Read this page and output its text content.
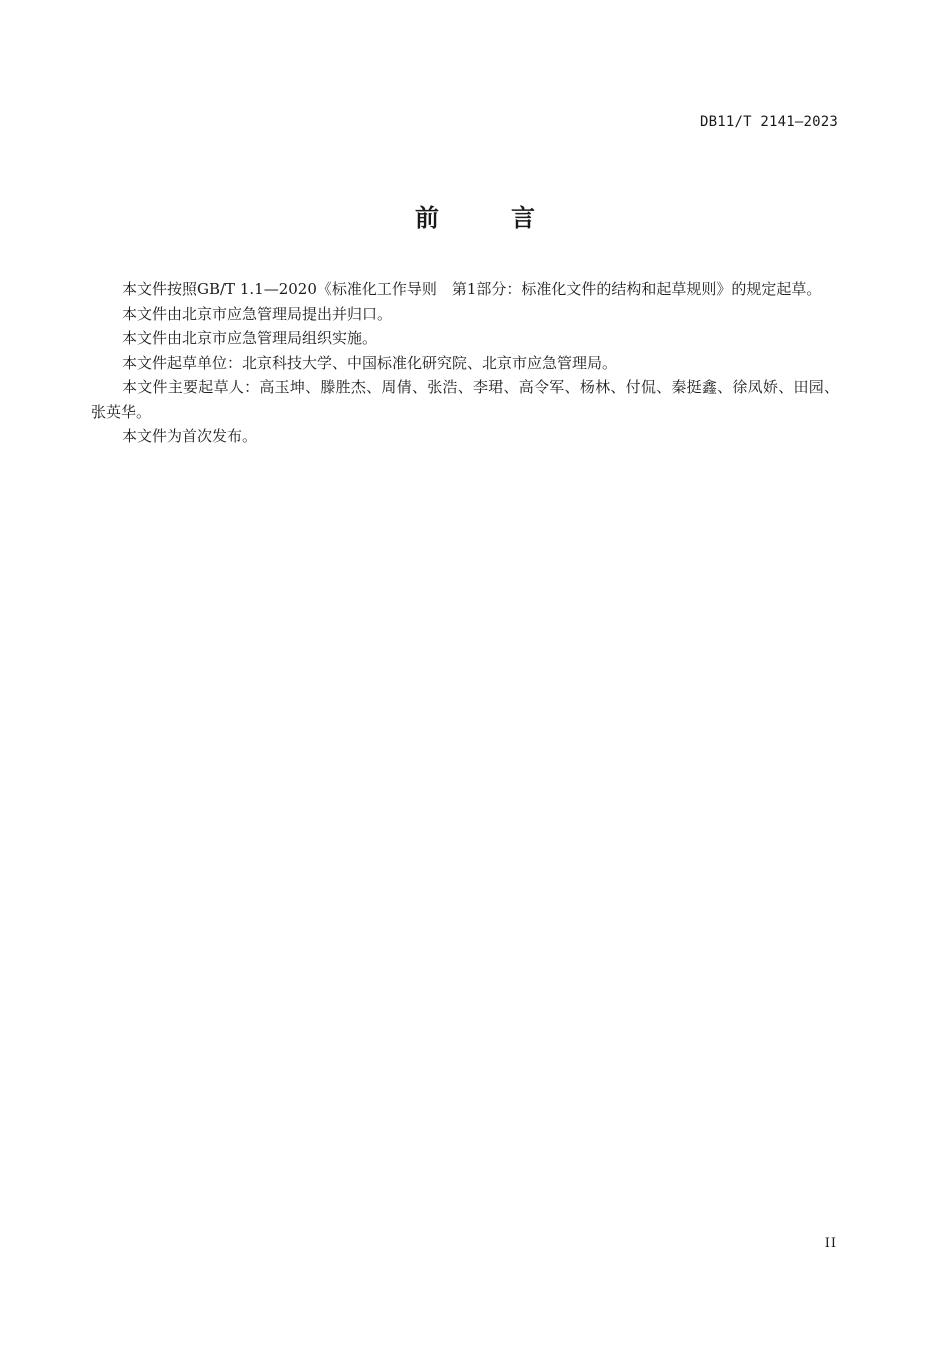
DB11/T 2141—2023
前　言

本文件按照GB/T 1.1—2020《标准化工作导则　第1部分：标准化文件的结构和起草规则》的规定起草。

本文件由北京市应急管理局提出并归口。

本文件由北京市应急管理局组织实施。

本文件起草单位：北京科技大学、中国标准化研究院、北京市应急管理局。

本文件主要起草人：高玉坤、滕胜杰、周倩、张浩、李珺、高令军、杨林、付侃、秦挺鑫、徐凤娇、田园、张英华。

本文件为首次发布。

II
